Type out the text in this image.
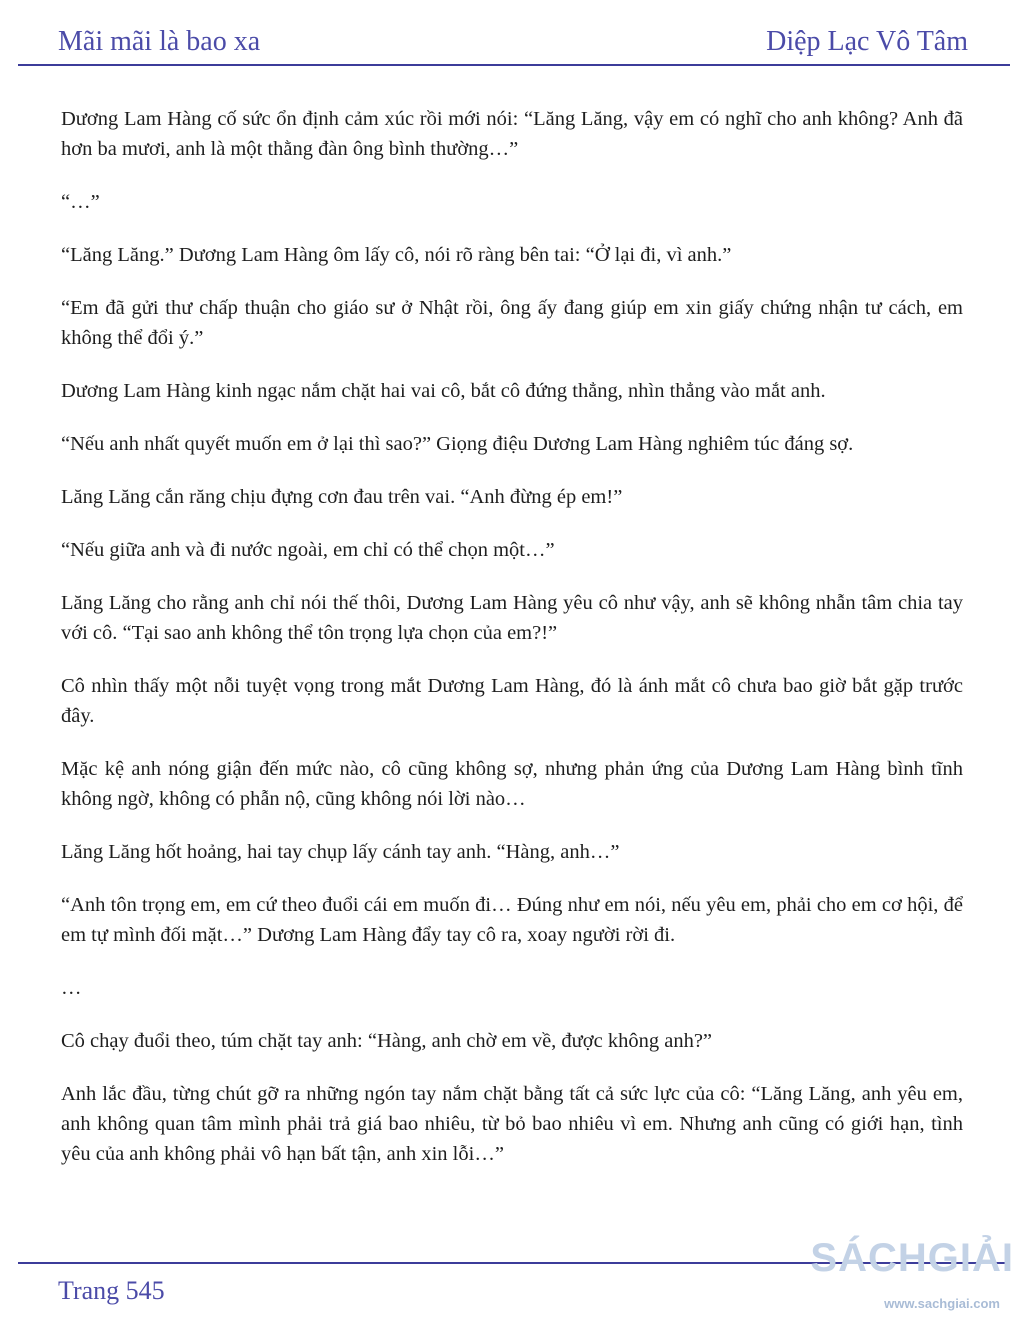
Mãi mãi là bao xa	Diệp Lạc Vô Tâm

Dương Lam Hàng cố sức ổn định cảm xúc rồi mới nói: “Lăng Lăng, vậy em có nghĩ cho anh không? Anh đã hơn ba mươi, anh là một thằng đàn ông bình thường…”

“…”

“Lăng Lăng.” Dương Lam Hàng ôm lấy cô, nói rõ ràng bên tai: “Ở lại đi, vì anh.”

“Em đã gửi thư chấp thuận cho giáo sư ở Nhật rồi, ông ấy đang giúp em xin giấy chứng nhận tư cách, em không thể đổi ý.”

Dương Lam Hàng kinh ngạc nắm chặt hai vai cô, bắt cô đứng thẳng, nhìn thẳng vào mắt anh.

“Nếu anh nhất quyết muốn em ở lại thì sao?” Giọng điệu Dương Lam Hàng nghiêm túc đáng sợ.

Lăng Lăng cắn răng chịu đựng cơn đau trên vai. “Anh đừng ép em!”

“Nếu giữa anh và đi nước ngoài, em chỉ có thể chọn một…”

Lăng Lăng cho rằng anh chỉ nói thế thôi, Dương Lam Hàng yêu cô như vậy, anh sẽ không nhẫn tâm chia tay với cô. “Tại sao anh không thể tôn trọng lựa chọn của em?!”

Cô nhìn thấy một nỗi tuyệt vọng trong mắt Dương Lam Hàng, đó là ánh mắt cô chưa bao giờ bắt gặp trước đây.

Mặc kệ anh nóng giận đến mức nào, cô cũng không sợ, nhưng phản ứng của Dương Lam Hàng bình tĩnh không ngờ, không có phẫn nộ, cũng không nói lời nào…

Lăng Lăng hốt hoảng, hai tay chụp lấy cánh tay anh. “Hàng, anh…”

“Anh tôn trọng em, em cứ theo đuổi cái em muốn đi… Đúng như em nói, nếu yêu em, phải cho em cơ hội, để em tự mình đối mặt…” Dương Lam Hàng đẩy tay cô ra, xoay người rời đi.

…

Cô chạy đuổi theo, túm chặt tay anh: “Hàng, anh chờ em về, được không anh?”

Anh lắc đầu, từng chút gỡ ra những ngón tay nắm chặt bằng tất cả sức lực của cô: “Lăng Lăng, anh yêu em, anh không quan tâm mình phải trả giá bao nhiêu, từ bỏ bao nhiêu vì em. Nhưng anh cũng có giới hạn, tình yêu của anh không phải vô hạn bất tận, anh xin lỗi…”

Trang 545
SÁCHGIẢI
www.sachgiai.com
